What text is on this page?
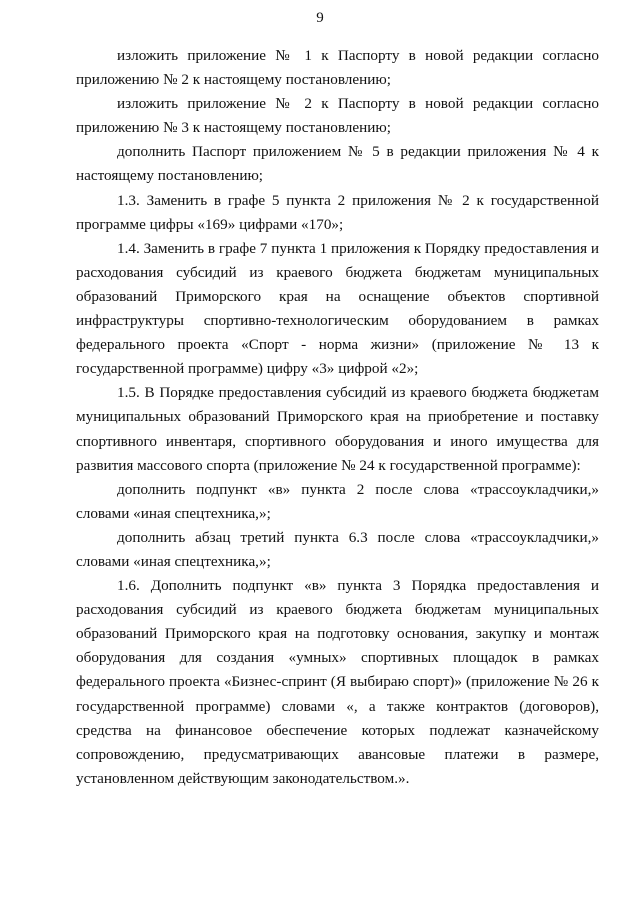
9

изложить приложение № 1 к Паспорту в новой редакции согласно приложению № 2 к настоящему постановлению;

изложить приложение № 2 к Паспорту в новой редакции согласно приложению № 3 к настоящему постановлению;

дополнить Паспорт приложением № 5 в редакции приложения № 4 к настоящему постановлению;

1.3. Заменить в графе 5 пункта 2 приложения № 2 к государственной программе цифры «169» цифрами «170»;

1.4. Заменить в графе 7 пункта 1 приложения к Порядку предоставления и расходования субсидий из краевого бюджета бюджетам муниципальных образований Приморского края на оснащение объектов спортивной инфраструктуры спортивно-технологическим оборудованием в рамках федерального проекта «Спорт - норма жизни» (приложение № 13 к государственной программе) цифру «3» цифрой «2»;

1.5. В Порядке предоставления субсидий из краевого бюджета бюджетам муниципальных образований Приморского края на приобретение и поставку спортивного инвентаря, спортивного оборудования и иного имущества для развития массового спорта (приложение № 24 к государственной программе):

дополнить подпункт «в» пункта 2 после слова «трассоукладчики,» словами «иная спецтехника,»;

дополнить абзац третий пункта 6.3 после слова «трассоукладчики,» словами «иная спецтехника,»;

1.6. Дополнить подпункт «в» пункта 3 Порядка предоставления и расходования субсидий из краевого бюджета бюджетам муниципальных образований Приморского края на подготовку основания, закупку и монтаж оборудования для создания «умных» спортивных площадок в рамках федерального проекта «Бизнес-спринт (Я выбираю спорт)» (приложение № 26 к государственной программе) словами «, а также контрактов (договоров), средства на финансовое обеспечение которых подлежат казначейскому сопровождению, предусматривающих авансовые платежи в размере, установленном действующим законодательством.».
